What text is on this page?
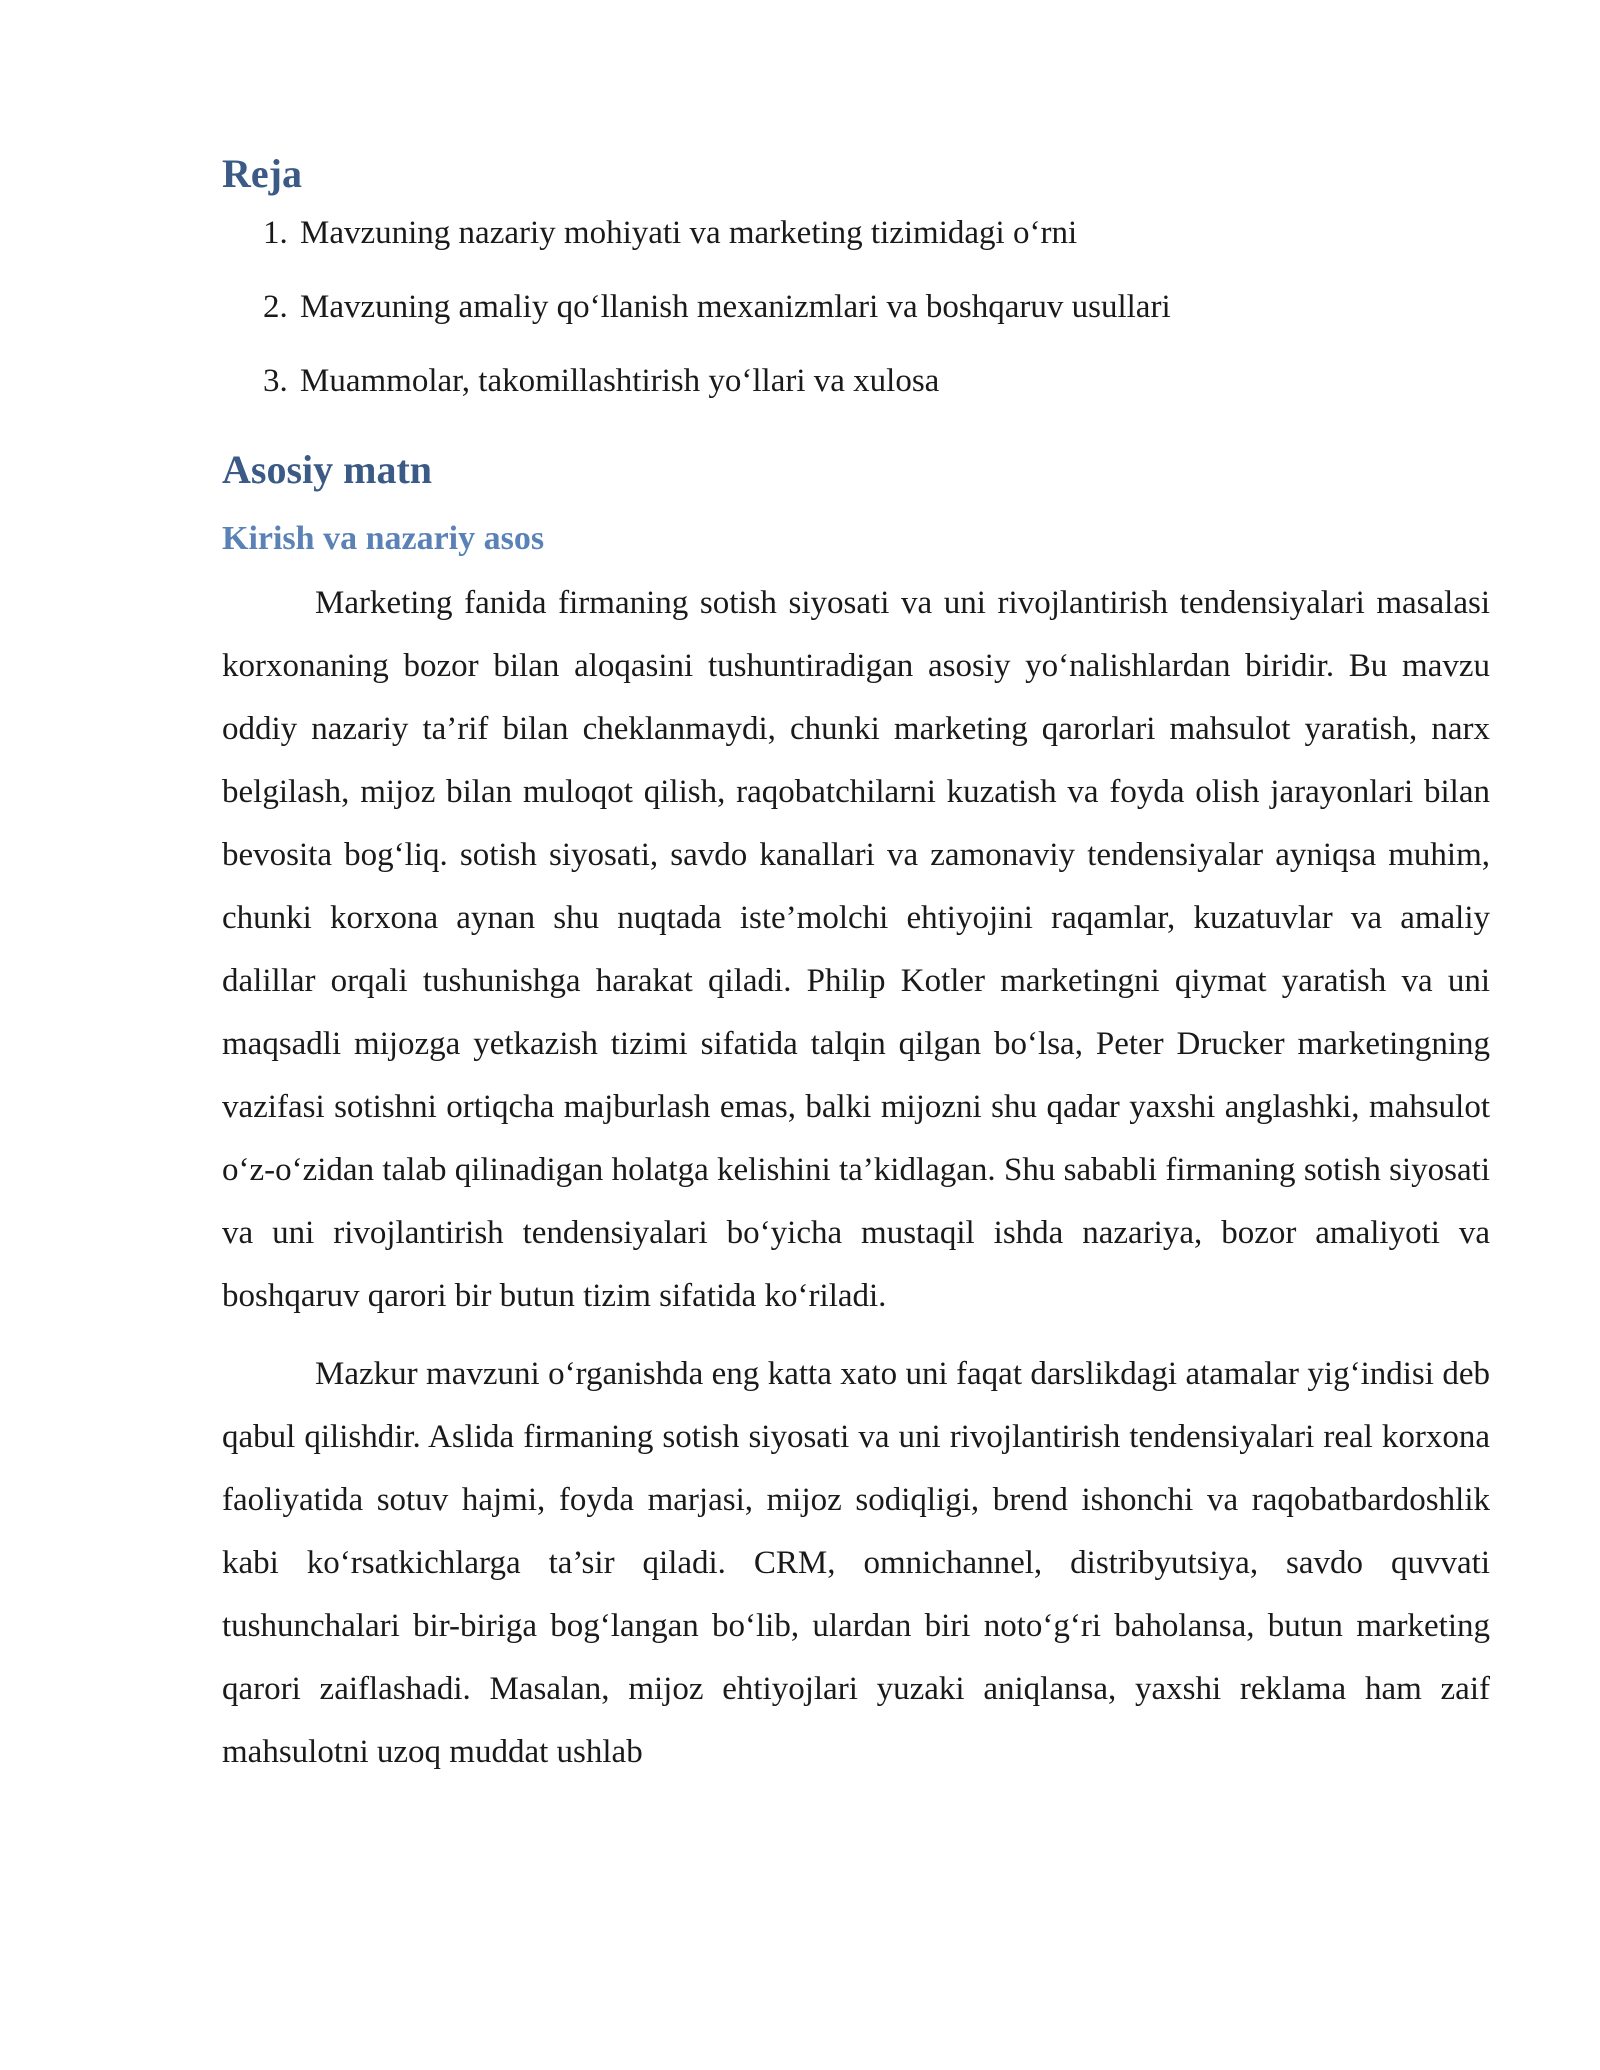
Reja
1. Mavzuning nazariy mohiyati va marketing tizimidagi o‘rni
2. Mavzuning amaliy qo‘llanish mexanizmlari va boshqaruv usullari
3. Muammolar, takomillashtirish yo‘llari va xulosa
Asosiy matn
Kirish va nazariy asos

Marketing fanida firmaning sotish siyosati va uni rivojlantirish tendensiyalari masalasi korxonaning bozor bilan aloqasini tushuntiradigan asosiy yo‘nalishlardan biridir. Bu mavzu oddiy nazariy ta’rif bilan cheklanmaydi, chunki marketing qarorlari mahsulot yaratish, narx belgilash, mijoz bilan muloqot qilish, raqobatchilarni kuzatish va foyda olish jarayonlari bilan bevosita bog‘liq. sotish siyosati, savdo kanallari va zamonaviy tendensiyalar ayniqsa muhim, chunki korxona aynan shu nuqtada iste’molchi ehtiyojini raqamlar, kuzatuvlar va amaliy dalillar orqali tushunishga harakat qiladi. Philip Kotler marketingni qiymat yaratish va uni maqsadli mijozga yetkazish tizimi sifatida talqin qilgan bo‘lsa, Peter Drucker marketingning vazifasi sotishni ortiqcha majburlash emas, balki mijozni shu qadar yaxshi anglashki, mahsulot o‘z-o‘zidan talab qilinadigan holatga kelishini ta’kidlagan. Shu sababli firmaning sotish siyosati va uni rivojlantirish tendensiyalari bo‘yicha mustaqil ishda nazariya, bozor amaliyoti va boshqaruv qarori bir butun tizim sifatida ko‘riladi.

Mazkur mavzuni o‘rganishda eng katta xato uni faqat darslikdagi atamalar yig‘indisi deb qabul qilishdir. Aslida firmaning sotish siyosati va uni rivojlantirish tendensiyalari real korxona faoliyatida sotuv hajmi, foyda marjasi, mijoz sodiqligi, brend ishonchi va raqobatbardoshlik kabi ko‘rsatkichlarga ta’sir qiladi. CRM, omnichannel, distribyutsiya, savdo quvvati tushunchalari bir-biriga bog‘langan bo‘lib, ulardan biri noto‘g‘ri baholansa, butun marketing qarori zaiflashadi. Masalan, mijoz ehtiyojlari yuzaki aniqlansa, yaxshi reklama ham zaif mahsulotni uzoq muddat ushlab
